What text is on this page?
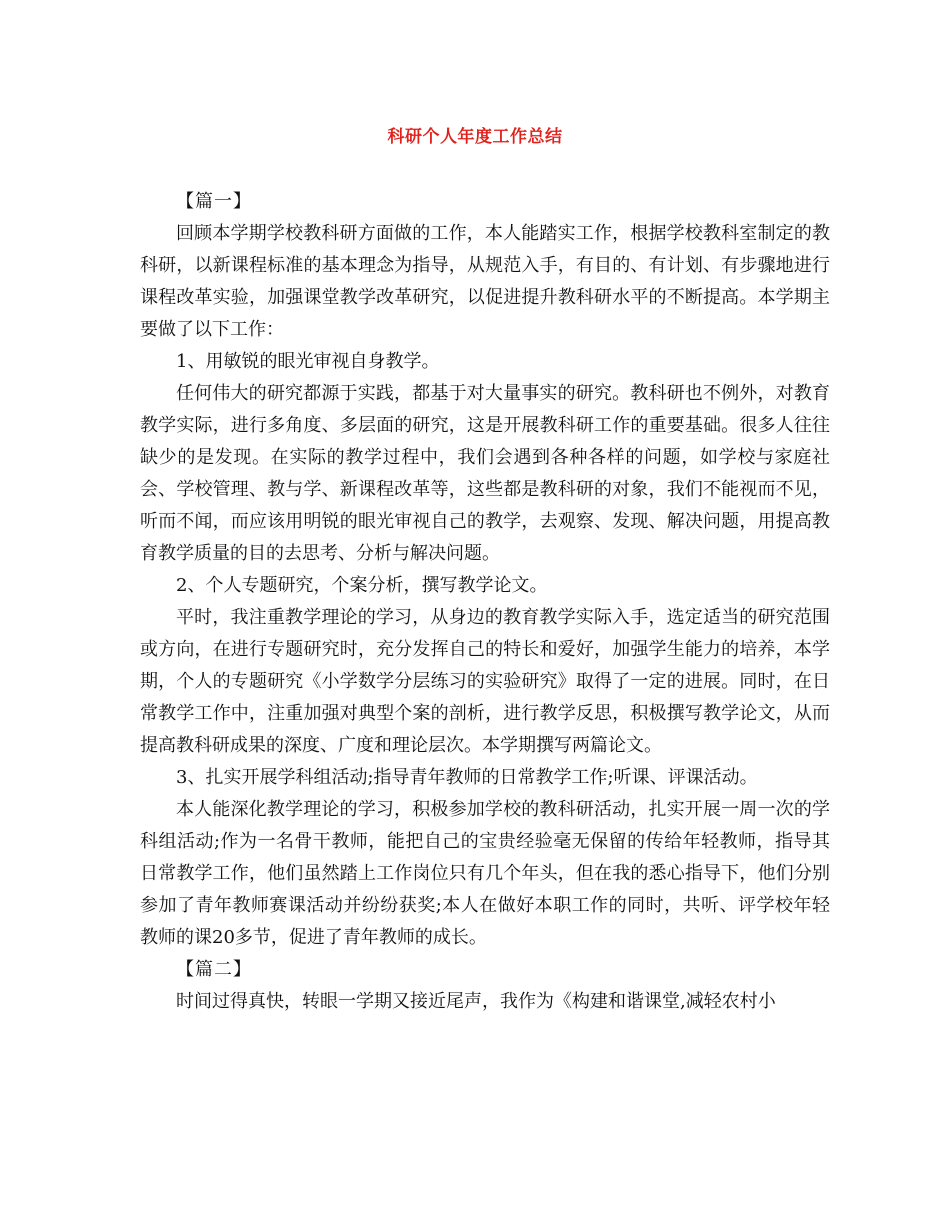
科研个人年度工作总结

【篇一】

回顾本学期学校教科研方面做的工作，本人能踏实工作，根据学校教科室制定的教科研，以新课程标准的基本理念为指导，从规范入手，有目的、有计划、有步骤地进行课程改革实验，加强课堂教学改革研究，以促进提升教科研水平的不断提高。本学期主要做了以下工作：

1、用敏锐的眼光审视自身教学。

任何伟大的研究都源于实践，都基于对大量事实的研究。教科研也不例外，对教育教学实际，进行多角度、多层面的研究，这是开展教科研工作的重要基础。很多人往往缺少的是发现。在实际的教学过程中，我们会遇到各种各样的问题，如学校与家庭社会、学校管理、教与学、新课程改革等，这些都是教科研的对象，我们不能视而不见，听而不闻，而应该用明锐的眼光审视自己的教学，去观察、发现、解决问题，用提高教育教学质量的目的去思考、分析与解决问题。

2、个人专题研究，个案分析，撰写教学论文。

平时，我注重教学理论的学习，从身边的教育教学实际入手，选定适当的研究范围或方向，在进行专题研究时，充分发挥自己的特长和爱好，加强学生能力的培养，本学期，个人的专题研究《小学数学分层练习的实验研究》取得了一定的进展。同时，在日常教学工作中，注重加强对典型个案的剖析，进行教学反思，积极撰写教学论文，从而提高教科研成果的深度、广度和理论层次。本学期撰写两篇论文。

3、扎实开展学科组活动;指导青年教师的日常教学工作;听课、评课活动。

本人能深化教学理论的学习，积极参加学校的教科研活动，扎实开展一周一次的学科组活动;作为一名骨干教师，能把自己的宝贵经验毫无保留的传给年轻教师，指导其日常教学工作，他们虽然踏上工作岗位只有几个年头，但在我的悉心指导下，他们分别参加了青年教师赛课活动并纷纷获奖;本人在做好本职工作的同时，共听、评学校年轻教师的课20多节，促进了青年教师的成长。

【篇二】

时间过得真快，转眼一学期又接近尾声，我作为《构建和谐课堂,减轻农村小
